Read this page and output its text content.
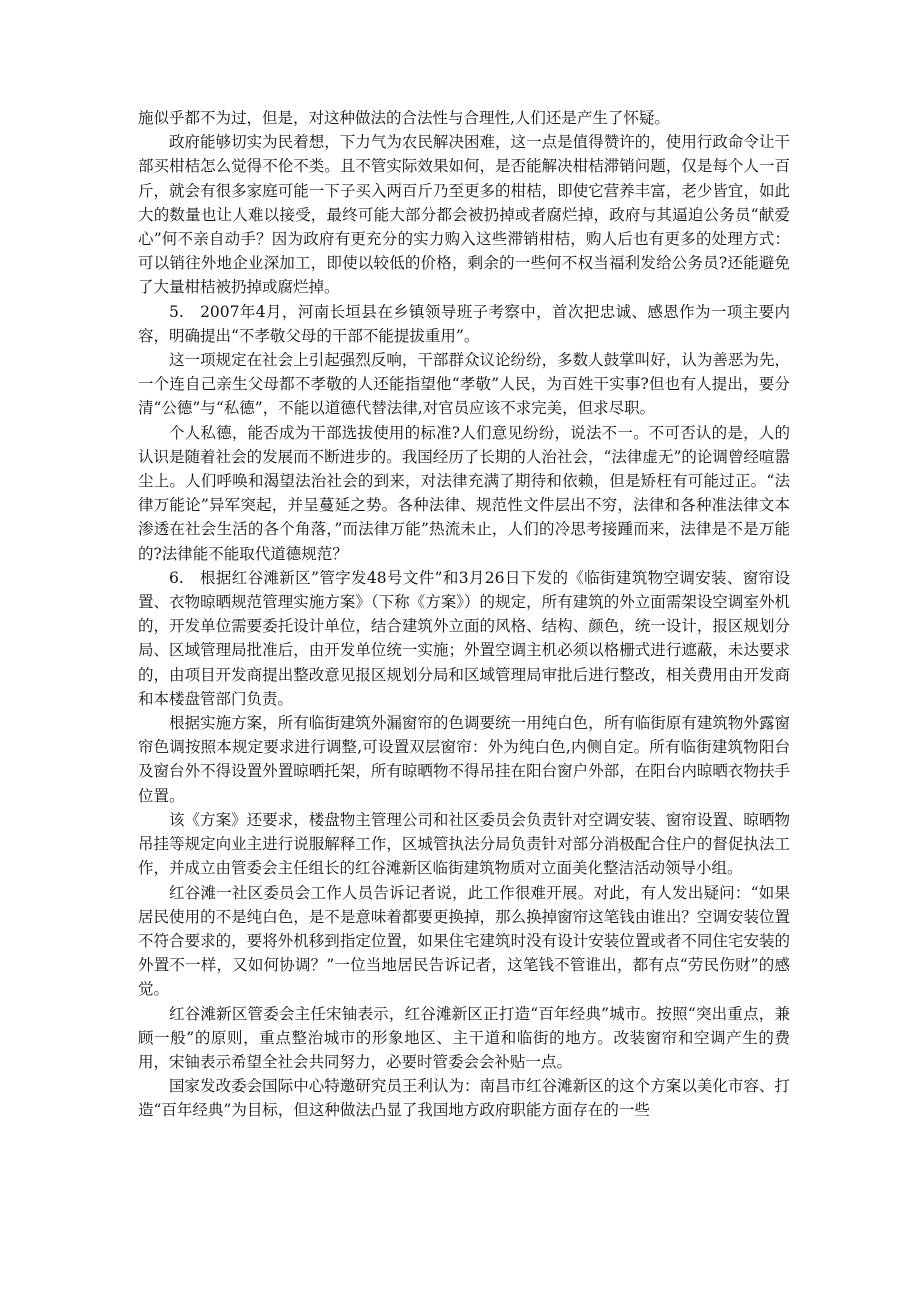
施似乎都不为过，但是，对这种做法的合法性与合理性,人们还是产生了怀疑。

政府能够切实为民着想，下力气为农民解决困难，这一点是值得赞许的，使用行政命令让干部买柑桔怎么觉得不伦不类。且不管实际效果如何，是否能解决柑桔滞销问题，仅是每个人一百斤，就会有很多家庭可能一下子买入两百斤乃至更多的柑桔，即使它营养丰富，老少皆宜，如此大的数量也让人难以接受，最终可能大部分都会被扔掉或者腐烂掉，政府与其逼迫公务员“献爱心”何不亲自动手？因为政府有更充分的实力购入这些滞销柑桔，购人后也有更多的处理方式：可以销往外地企业深加工，即使以较低的价格，剩余的一些何不权当福利发给公务员?还能避免了大量柑桔被扔掉或腐烂掉。

5.　2007年4月，河南长垣县在乡镇领导班子考察中，首次把忠诚、感恩作为一项主要内容，明确提出“不孝敬父母的干部不能提拔重用”。

这一项规定在社会上引起强烈反响，干部群众议论纷纷，多数人鼓掌叫好，认为善恶为先，一个连自己亲生父母都不孝敬的人还能指望他“孝敬”人民，为百姓干实事?但也有人提出，要分清“公德”与“私德”，不能以道德代替法律,对官员应该不求完美，但求尽职。

个人私德，能否成为干部选拔使用的标准?人们意见纷纷，说法不一。不可否认的是，人的认识是随着社会的发展而不断进步的。我国经历了长期的人治社会，“法律虚无”的论调曾经喧嚣尘上。人们呼唤和渴望法治社会的到来，对法律充满了期待和依赖，但是矫枉有可能过正。“法律万能论”异军突起，并呈蔓延之势。各种法律、规范性文件层出不穷，法律和各种准法律文本渗透在社会生活的各个角落，”而法律万能”热流未止，人们的冷思考接踵而来，法律是不是万能的?法律能不能取代道德规范？

6.　根据红谷滩新区”管字发48号文件”和3月26日下发的《临街建筑物空调安装、窗帘设置、衣物晾晒规范管理实施方案》（下称《方案》）的规定，所有建筑的外立面需架设空调室外机的，开发单位需要委托设计单位，结合建筑外立面的风格、结构、颜色，统一设计，报区规划分局、区域管理局批准后，由开发单位统一实施；外置空调主机必须以格栅式进行遮蔽，未达要求的，由项目开发商提出整改意见报区规划分局和区域管理局审批后进行整改，相关费用由开发商和本楼盘管部门负责。

根据实施方案，所有临街建筑外漏窗帘的色调要统一用纯白色，所有临街原有建筑物外露窗帘色调按照本规定要求进行调整,可设置双层窗帘：外为纯白色,内侧自定。所有临街建筑物阳台及窗台外不得设置外置晾晒托架，所有晾晒物不得吊挂在阳台窗户外部，在阳台内晾晒衣物扶手位置。

该《方案》还要求，楼盘物主管理公司和社区委员会负责针对空调安装、窗帘设置、晾晒物吊挂等规定向业主进行说服解释工作，区城管执法分局负责针对部分消极配合住户的督促执法工作，并成立由管委会主任组长的红谷滩新区临街建筑物质对立面美化整洁活动领导小组。

红谷滩一社区委员会工作人员告诉记者说，此工作很难开展。对此，有人发出疑问：“如果居民使用的不是纯白色，是不是意味着都要更换掉，那么换掉窗帘这笔钱由谁出？空调安装位置不符合要求的，要将外机移到指定位置，如果住宅建筑时没有设计安装位置或者不同住宅安装的外置不一样，又如何协调？”一位当地居民告诉记者，这笔钱不管谁出，都有点“劳民伤财”的感觉。

红谷滩新区管委会主任宋铀表示，红谷滩新区正打造“百年经典”城市。按照“突出重点，兼顾一般”的原则，重点整治城市的形象地区、主干道和临街的地方。改装窗帘和空调产生的费用，宋铀表示希望全社会共同努力，必要时管委会会补贴一点。

国家发改委会国际中心特邀研究员王利认为：南昌市红谷滩新区的这个方案以美化市容、打造“百年经典”为目标，但这种做法凸显了我国地方政府职能方面存在的一些
